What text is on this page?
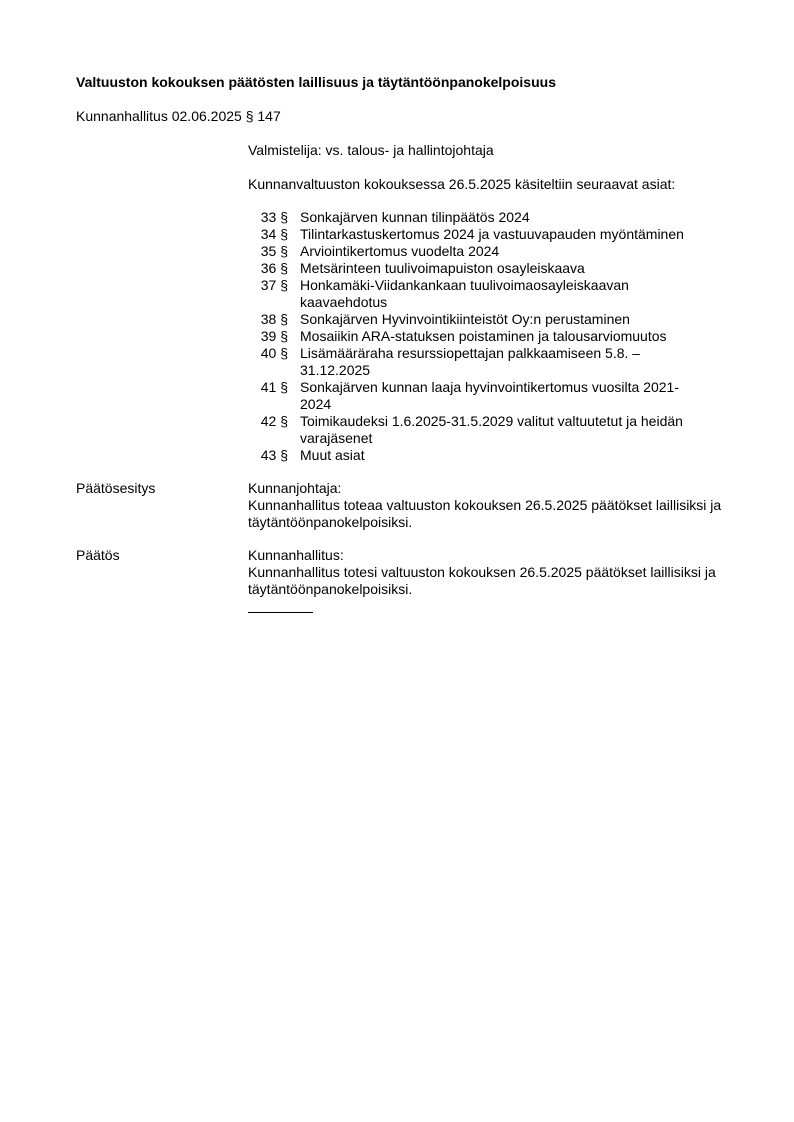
Valtuuston kokouksen päätösten laillisuus ja täytäntöönpanokelpoisuus
Kunnanhallitus 02.06.2025 § 147
Valmistelija: vs. talous- ja hallintojohtaja
Kunnanvaltuuston kokouksessa 26.5.2025 käsiteltiin seuraavat asiat:
33 § Sonkajärven kunnan tilinpäätös 2024
34 § Tilintarkastuskertomus 2024 ja vastuuvapauden myöntäminen
35 § Arviointikertomus vuodelta 2024
36 § Metsärinteen tuulivoimapuiston osayleiskaava
37 § Honkamäki-Viidankankaan tuulivoimaosayleiskaavan kaavaehdotus
38 § Sonkajärven Hyvinvointikiinteistöt Oy:n perustaminen
39 § Mosaiikin ARA-statuksen poistaminen ja talousarviomuutos
40 § Lisämääräraha resurssiopettajan palkkaamiseen 5.8. – 31.12.2025
41 § Sonkajärven kunnan laaja hyvinvointikertomus vuosilta 2021-2024
42 § Toimikaudeksi 1.6.2025-31.5.2029 valitut valtuutetut ja heidän varajäsenet
43 § Muut asiat
Päätösesitys	Kunnanjohtaja:
Kunnanhallitus toteaa valtuuston kokouksen 26.5.2025 päätökset laillisiksi ja täytäntöönpanokelpoisiksi.
Päätös	Kunnanhallitus:
Kunnanhallitus totesi valtuuston kokouksen 26.5.2025 päätökset laillisiksi ja täytäntöönpanokelpoisiksi.
